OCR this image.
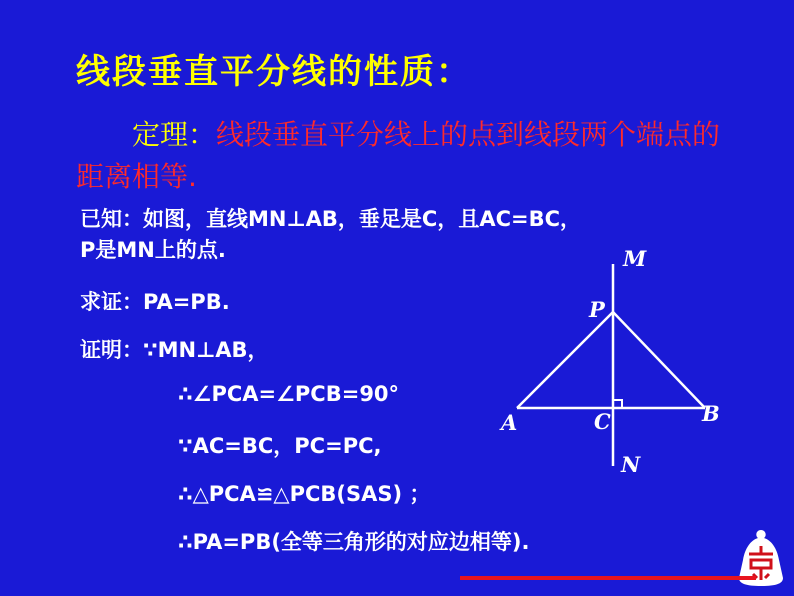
线段垂直平分线的性质：
定理：线段垂直平分线上的点到线段两个端点的距离相等.
已知：如图，直线MN⊥AB，垂足是C，且AC=BC，
P是MN上的点.
求证：PA=PB.
证明：∵MN⊥AB，
∴∠PCA=∠PCB=90°
∵AC=BC，PC=PC,
∴△PCA≌△PCB(SAS) ；
∴PA=PB(全等三角形的对应边相等).
M
P
A	C	B
N
